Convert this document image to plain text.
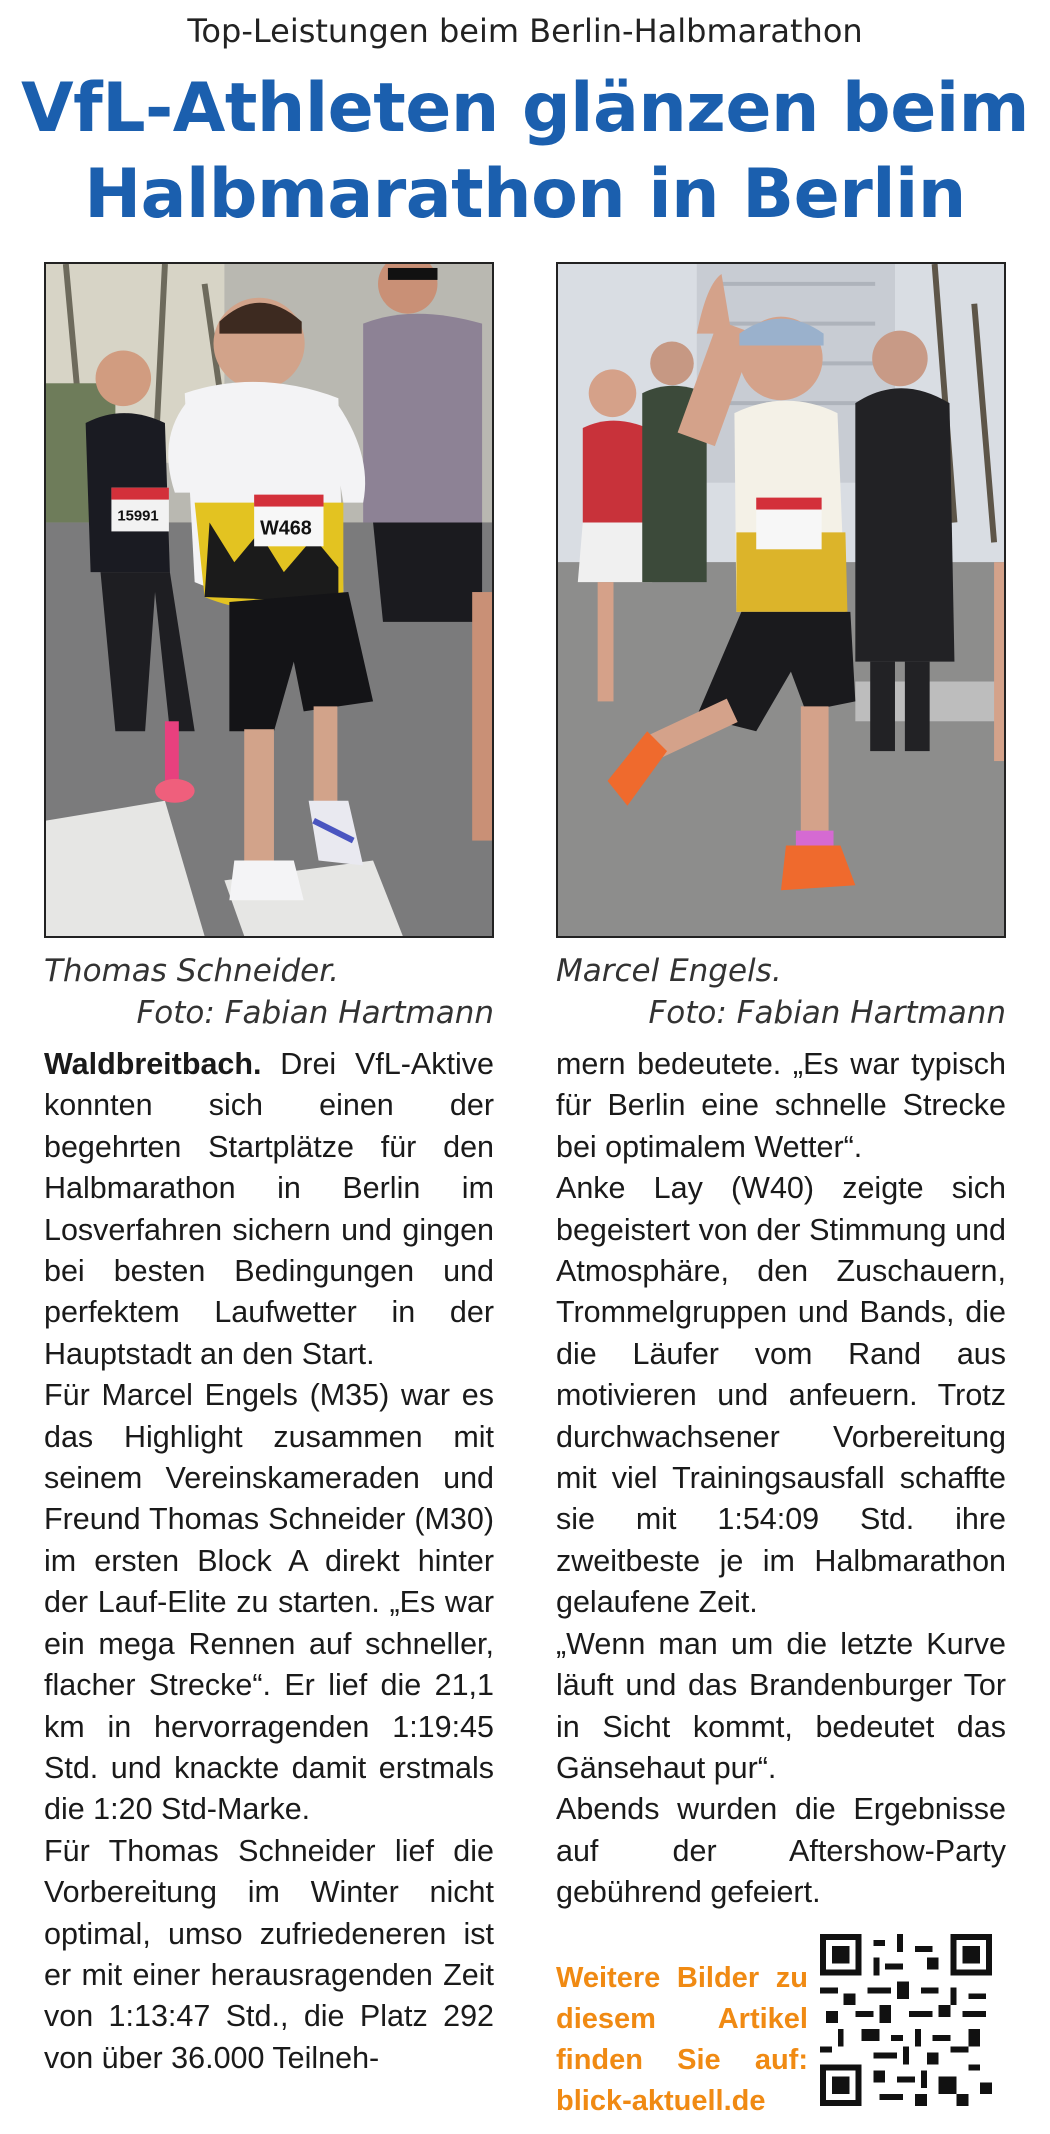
Top-Leistungen beim Berlin-Halbmarathon
VfL-Athleten glänzen beim Halbmarathon in Berlin
15991
W468
Thomas Schneider.
Foto: Fabian Hartmann
Marcel Engels.
Foto: Fabian Hartmann

Waldbreitbach. Drei VfL-Aktive konnten sich einen der begehrten Startplätze für den Halbmarathon in Berlin im Losverfahren sichern und gingen bei besten Bedingungen und perfektem Laufwetter in der Hauptstadt an den Start.

Für Marcel Engels (M35) war es das Highlight zusammen mit seinem Vereinskameraden und Freund Thomas Schneider (M30) im ersten Block A direkt hinter der Lauf-Elite zu starten. „Es war ein mega Rennen auf schneller, flacher Strecke“. Er lief die 21,1 km in hervorragenden 1:19:45 Std. und knackte damit erstmals die 1:20 Std-Marke.

Für Thomas Schneider lief die Vorbereitung im Winter nicht optimal, umso zufriedeneren ist er mit einer herausragenden Zeit von 1:13:47 Std., die Platz 292 von über 36.000 Teilneh-

mern bedeutete. „Es war typisch für Berlin eine schnelle Strecke bei optimalem Wetter“.

Anke Lay (W40) zeigte sich begeistert von der Stimmung und Atmosphäre, den Zuschauern, Trommelgruppen und Bands, die die Läufer vom Rand aus motivieren und anfeuern. Trotz durchwachsener Vorbereitung mit viel Trainingsausfall schaffte sie mit 1:54:09 Std. ihre zweitbeste je im Halbmarathon gelaufene Zeit.

„Wenn man um die letzte Kurve läuft und das Brandenburger Tor in Sicht kommt, bedeutet das Gänsehaut pur“.

Abends wurden die Ergebnisse auf der Aftershow-Party gebührend gefeiert.

Weitere Bilder zu diesem Artikel finden Sie auf: blick-aktuell.de
